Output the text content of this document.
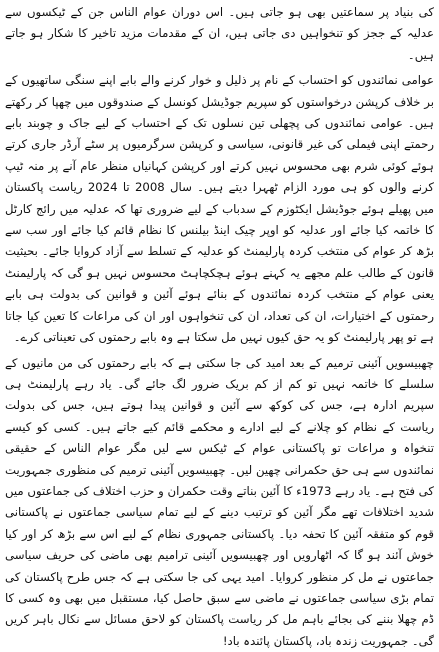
کی بنیاد پر سماعتیں بھی ہو جاتی ہیں۔ اس دوران عوام الناس جن کے ٹیکسوں سے عدلیہ کے ججز کو تنخواہیں دی جاتی ہیں، ان کے مقدمات مزید تاخیر کا شکار ہو جاتے ہیں۔

عوامی نمائندوں کو احتساب کے نام پر ذلیل و خوار کرنے والے بابے اپنے سنگی ساتھیوں کے بر خلاف کرپشن درخواستوں کو سپریم جوڈیشل کونسل کے صندوقوں میں چھپا کر رکھتے ہیں۔ عوامی نمائندوں کی پچھلی تین نسلوں تک کے احتساب کے لیے جاک و چوبند بابے رحمتے اپنی فیملی کی غیر قانونی، سیاسی و کرپشن سرگرمیوں پر سٹے آرڈر جاری کرتے ہوئے کوئی شرم بھی محسوس نہیں کرتے اور کرپشن کہانیاں منظر عام آنے پر منہ ٹیپ کرنے والوں کو ہی مورد الزام ٹھہرا دیتے ہیں۔ سال 2008 تا 2024 ریاست پاکستان میں پھیلے ہوئے جوڈیشل ایکٹوزم کے سدباب کے لیے ضروری تھا کہ عدلیہ میں رائج کارٹل کا خاتمہ کیا جائے اور عدلیہ کو اوپر چیک اینڈ بیلنس کا نظام قائم کیا جائے اور سب سے بڑھ کر عوام کی منتخب کردہ پارلیمنٹ کو عدلیہ کے تسلط سے آزاد کروایا جائے۔ بحیثیت قانون کے طالب علم مجھے یہ کہنے ہوئے ہچکچاہٹ محسوس نہیں ہو گی کہ پارلیمنٹ یعنی عوام کے منتخب کردہ نمائندوں کے بنائے ہوئے آئین و قوانین کی بدولت ہی بابے رحمتوں کے اختیارات، ان کی تعداد، ان کی تنخواہوں اور ان کی مراعات کا تعین کیا جاتا ہے تو پھر پارلیمنٹ کو یہ حق کیوں نہیں مل سکتا ہے وہ بابے رحمتوں کی تعیناتی کرے۔

چھبیسویں آئینی ترمیم کے بعد امید کی جا سکتی ہے کہ بابے رحمتوں کی من مانیوں کے سلسلے کا خاتمہ نہیں تو کم از کم بریک ضرور لگ جائے گی۔ یاد رہے پارلیمنٹ ہی سپریم ادارہ ہے، جس کی کوکھ سے آئین و قوانین پیدا ہوتے ہیں، جس کی بدولت ریاست کے نظام کو چلانے کے لیے ادارے و محکمے قائم کیے جاتے ہیں۔ کسی کو کیسے تنخواہ و مراعات تو پاکستانی عوام کے ٹیکس سے لیں مگر عوام الناس کے حقیقی نمائندوں سے ہی حق حکمرانی چھین لیں۔ چھبیسویں آئینی ترمیم کی منظوری جمہوریت کی فتح ہے۔ یاد رہے 1973ء کا آئین بناتے وقت حکمران و حزب اختلاف کی جماعتوں میں شدید اختلافات تھے مگر آئین کو ترتیب دینے کے لیے تمام سیاسی جماعتوں نے پاکستانی قوم کو متفقہ آئین کا تحفہ دیا۔ پاکستانی جمہوری نظام کے لیے اس سے بڑھ کر اور کیا خوش آئند ہو گا کہ اٹھارویں اور چھبیسویں آئینی ترامیم بھی ماضی کی حریف سیاسی جماعتوں نے مل کر منظور کروایا۔ امید یہی کی جا سکتی ہے کہ جس طرح پاکستان کی تمام بڑی سیاسی جماعتوں نے ماضی سے سبق حاصل کیا، مستقبل میں بھی وہ کسی کا ڈم چھلا بننے کی بجائے باہم مل کر ریاست پاکستان کو لاحق مسائل سے نکال باہر کریں گی۔ جمہوریت زندہ باد، پاکستان پائندہ باد!
